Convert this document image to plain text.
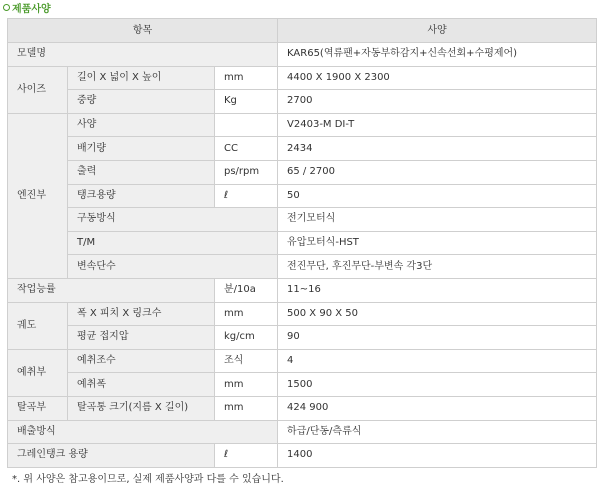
제품사양
항목			사양
모델명			KAR65(역류팬+자동부하감지+신속선회+수평제어)
사이즈	길이 X 넓이 X 높이	mm	4400 X 1900 X 2300
	중량	Kg	2700
엔진부	사양		V2403-M DI-T
	배기량	CC	2434
	출력	ps/rpm	65 / 2700
	탱크용량	ℓ	50
	구동방식		전기모터식
	T/M		유압모터식-HST
	변속단수		전진무단, 후진무단-부변속 각3단
작업능률		분/10a	11~16
궤도	폭 X 피치 X 링크수	mm	500 X 90 X 50
	평균 접지압	kg/cm	90
예취부	예취조수	조식	4
	예취폭	mm	1500
탈곡부	탈곡통 크기(지름 X 길이)	mm	424 900
배출방식			하급/단동/측류식
그레인탱크 용량		ℓ	1400
*. 위 사양은 참고용이므로, 실제 제품사양과 다를 수 있습니다.
